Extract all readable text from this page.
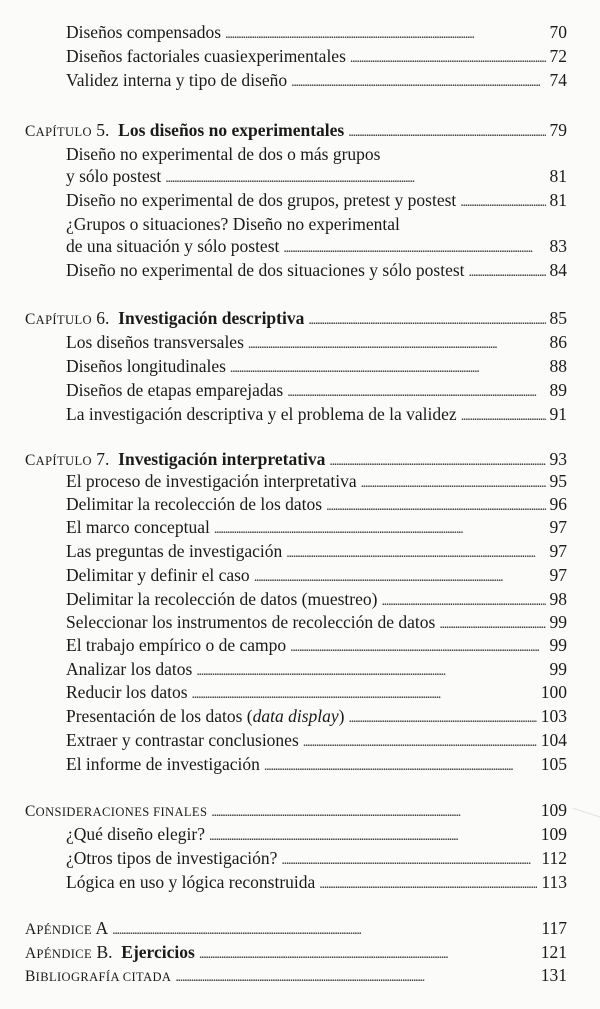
Diseños compensados . . .	70
Diseños factoriales cuasiexperimentales . . .	72
Validez interna y tipo de diseño . . .	74
CAPÍTULO 5. Los diseños no experimentales . . .	79
Diseño no experimental de dos o más grupos
y sólo postest . . .	81
Diseño no experimental de dos grupos, pretest y postest . . .	81
¿Grupos o situaciones? Diseño no experimental
de una situación y sólo postest . . .	83
Diseño no experimental de dos situaciones y sólo postest . . .	84
CAPÍTULO 6. Investigación descriptiva . . .	85
Los diseños transversales . . .	86
Diseños longitudinales . . .	88
Diseños de etapas emparejadas . . .	89
La investigación descriptiva y el problema de la validez . . .	91
CAPÍTULO 7. Investigación interpretativa . . .	93
El proceso de investigación interpretativa . . .	95
Delimitar la recolección de los datos . . .	96
El marco conceptual . . .	97
Las preguntas de investigación . . .	97
Delimitar y definir el caso . . .	97
Delimitar la recolección de datos (muestreo) . . .	98
Seleccionar los instrumentos de recolección de datos . . .	99
El trabajo empírico o de campo . . .	99
Analizar los datos . . .	99
Reducir los datos . . .	100
Presentación de los datos (data display) . . .	103
Extraer y contrastar conclusiones . . .	104
El informe de investigación . . .	105
CONSIDERACIONES FINALES . . .	109
¿Qué diseño elegir? . . .	109
¿Otros tipos de investigación? . . .	112
Lógica en uso y lógica reconstruida . . .	113
APÉNDICE A . . .	117
APÉNDICE B. Ejercicios . . .	121
BIBLIOGRAFÍA CITADA . . .	131
